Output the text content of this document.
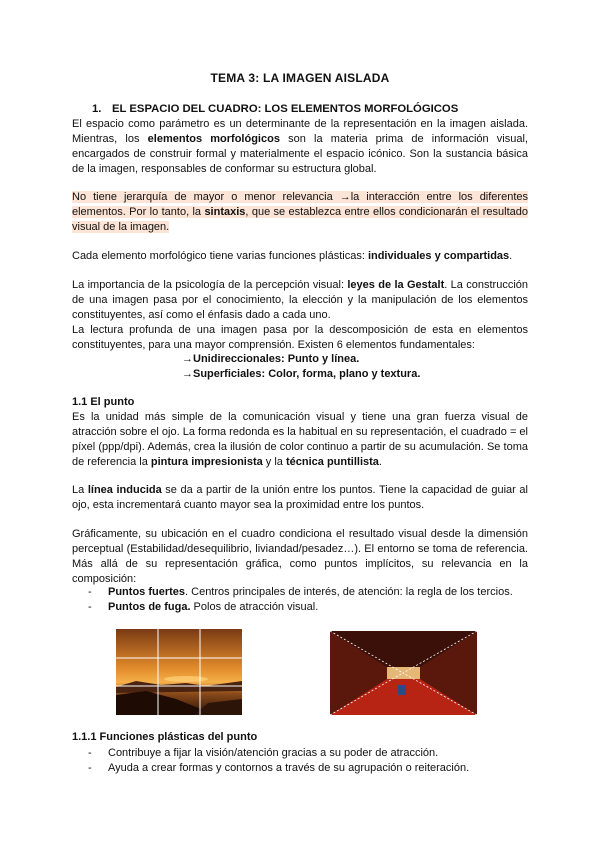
TEMA 3: LA IMAGEN AISLADA
1. EL ESPACIO DEL CUADRO: LOS ELEMENTOS MORFOLÓGICOS
El espacio como parámetro es un determinante de la representación en la imagen aislada. Mientras, los elementos morfológicos son la materia prima de información visual, encargados de construir formal y materialmente el espacio icónico. Son la sustancia básica de la imagen, responsables de conformar su estructura global.
No tiene jerarquía de mayor o menor relevancia →la interacción entre los diferentes elementos. Por lo tanto, la sintaxis, que se establezca entre ellos condicionarán el resultado visual de la imagen.
Cada elemento morfológico tiene varias funciones plásticas: individuales y compartidas.
La importancia de la psicología de la percepción visual: leyes de la Gestalt. La construcción de una imagen pasa por el conocimiento, la elección y la manipulación de los elementos constituyentes, así como el énfasis dado a cada uno.
La lectura profunda de una imagen pasa por la descomposición de esta en elementos constituyentes, para una mayor comprensión. Existen 6 elementos fundamentales:
→Unidireccionales: Punto y línea.
→Superficiales: Color, forma, plano y textura.
1.1 El punto
Es la unidad más simple de la comunicación visual y tiene una gran fuerza visual de atracción sobre el ojo. La forma redonda es la habitual en su representación, el cuadrado = el píxel (ppp/dpi). Además, crea la ilusión de color continuo a partir de su acumulación. Se toma de referencia la pintura impresionista y la técnica puntillista.
La línea inducida se da a partir de la unión entre los puntos. Tiene la capacidad de guiar al ojo, esta incrementará cuanto mayor sea la proximidad entre los puntos.
Gráficamente, su ubicación en el cuadro condiciona el resultado visual desde la dimensión perceptual (Estabilidad/desequilibrio, liviandad/pesadez…). El entorno se toma de referencia. Más allá de su representación gráfica, como puntos implícitos, su relevancia en la composición:
- Puntos fuertes. Centros principales de interés, de atención: la regla de los tercios.
- Puntos de fuga. Polos de atracción visual.
1.1.1 Funciones plásticas del punto
- Contribuye a fijar la visión/atención gracias a su poder de atracción.
- Ayuda a crear formas y contornos a través de su agrupación o reiteración.
